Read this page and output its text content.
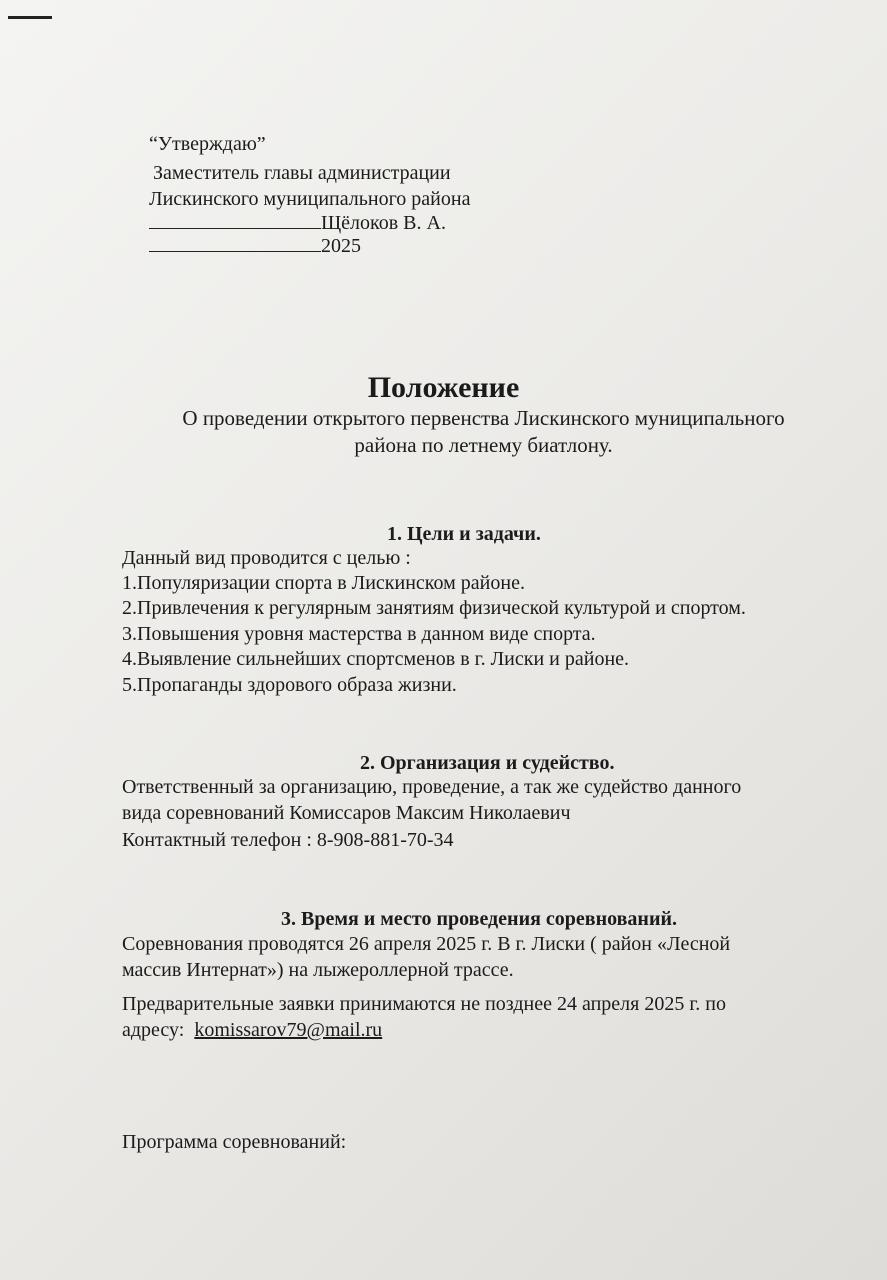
“Утверждаю”
Заместитель главы администрации
Лискинского муниципального района
Щёлоков В. А.
2025
Положение
О проведении открытого первенства Лискинского муниципального
района по летнему биатлону.
1. Цели и задачи.
Данный вид проводится с целью :
1.Популяризации спорта в Лискинском районе.
2.Привлечения к регулярным занятиям физической культурой и спортом.
3.Повышения уровня мастерства в данном виде спорта.
4.Выявление сильнейших спортсменов в г. Лиски и районе.
5.Пропаганды здорового образа жизни.
2. Организация и судейство.
Ответственный за организацию, проведение, а так же судейство данного
вида соревнований Комиссаров Максим Николаевич
Контактный телефон : 8-908-881-70-34
3. Время и место проведения соревнований.
Соревнования проводятся 26 апреля 2025 г. В г. Лиски ( район «Лесной
массив Интернат») на лыжероллерной трассе.
Предварительные заявки принимаются не позднее 24 апреля 2025 г. по
адресу: komissarov79@mail.ru
Программа соревнований:
